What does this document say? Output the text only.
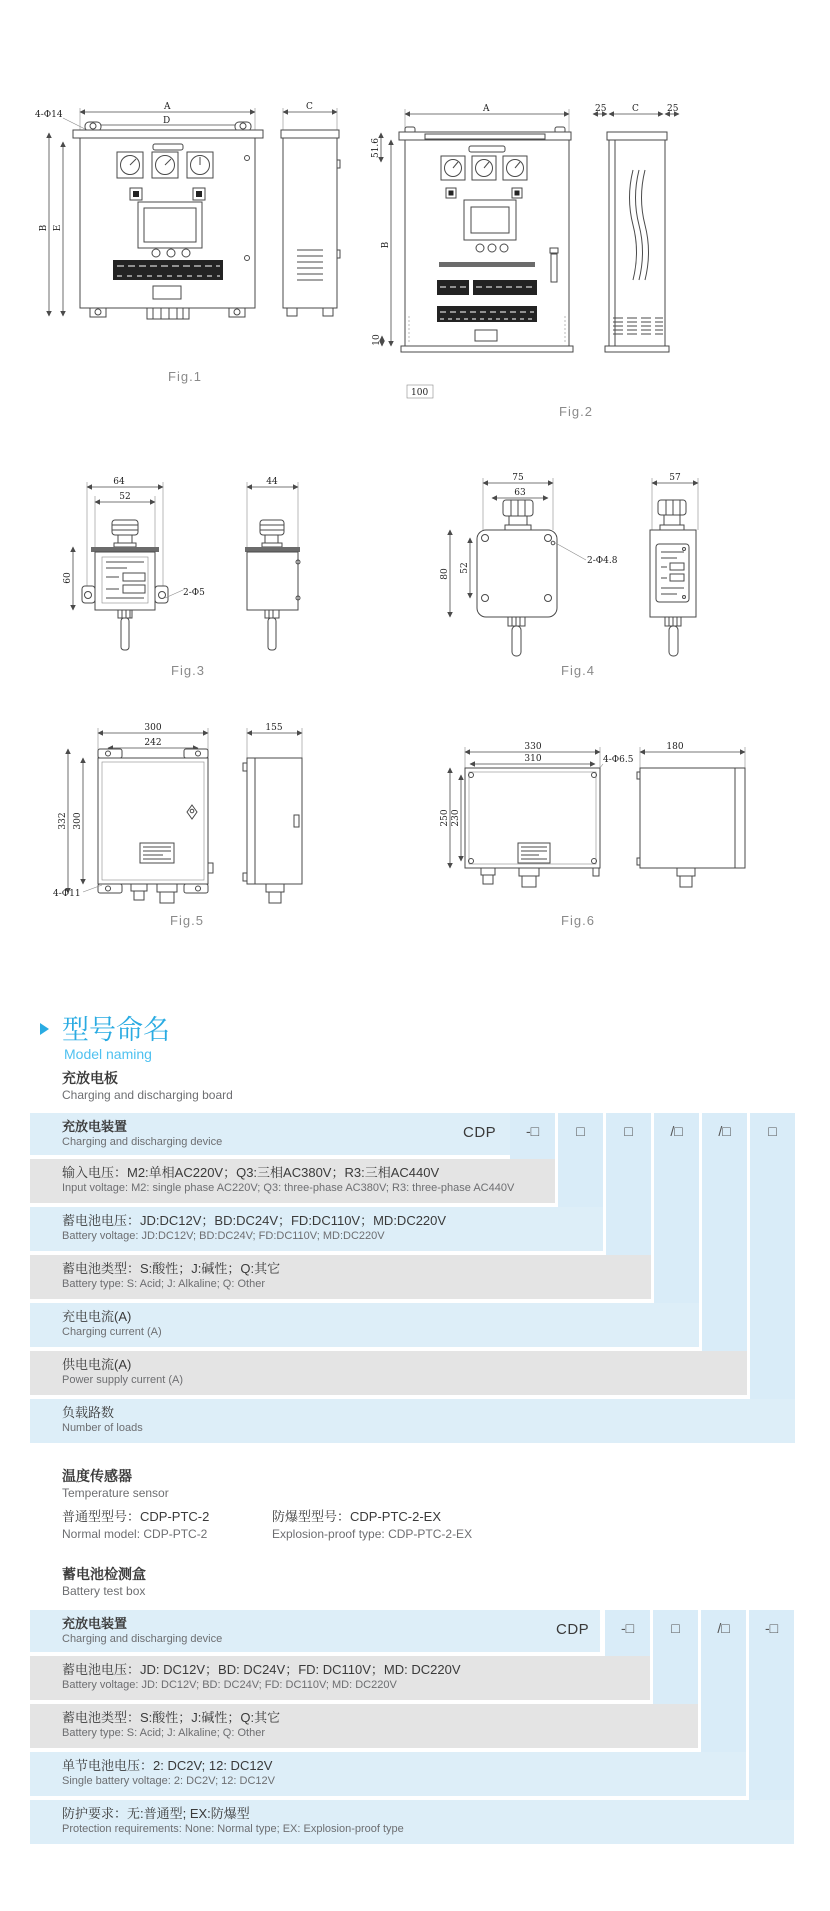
A
D
4-Φ14
B E
C
Fig.1
A
51.6
B
10
100
25	C	25
Fig.2
64
52
60
2-Φ5
44
Fig.3
75
63
80
52
2-Φ4.8
57
Fig.4
300
242
332 300
4-Φ11
155
Fig.5
330
310	4-Φ6.5
250 230
180
Fig.6
型号命名
Model naming
充放电板
Charging and discharging board
充放电装置
Charging and discharging device
CDP	-□	□	□	/□	/□	□
输入电压：M2:单相AC220V；Q3:三相AC380V；R3:三相AC440V
Input voltage: M2: single phase AC220V; Q3: three-phase AC380V; R3: three-phase AC440V
蓄电池电压：JD:DC12V；BD:DC24V；FD:DC110V；MD:DC220V
Battery voltage: JD:DC12V; BD:DC24V; FD:DC110V; MD:DC220V
蓄电池类型：S:酸性；J:碱性；Q:其它
Battery type: S: Acid; J: Alkaline; Q: Other
充电电流(A)
Charging current (A)
供电电流(A)
Power supply current (A)
负载路数
Number of loads
温度传感器
Temperature sensor
普通型型号：CDP-PTC-2	防爆型型号：CDP-PTC-2-EX
Normal model: CDP-PTC-2	Explosion-proof type: CDP-PTC-2-EX
蓄电池检测盒
Battery test box
充放电装置
Charging and discharging device
CDP	-□	□	/□	-□
蓄电池电压：JD: DC12V；BD: DC24V；FD: DC110V；MD: DC220V
Battery voltage: JD: DC12V; BD: DC24V; FD: DC110V; MD: DC220V
蓄电池类型：S:酸性；J:碱性；Q:其它
Battery type: S: Acid; J: Alkaline; Q: Other
单节电池电压：2: DC2V; 12: DC12V
Single battery voltage: 2: DC2V; 12: DC12V
防护要求：无:普通型; EX:防爆型
Protection requirements: None: Normal type; EX: Explosion-proof type
